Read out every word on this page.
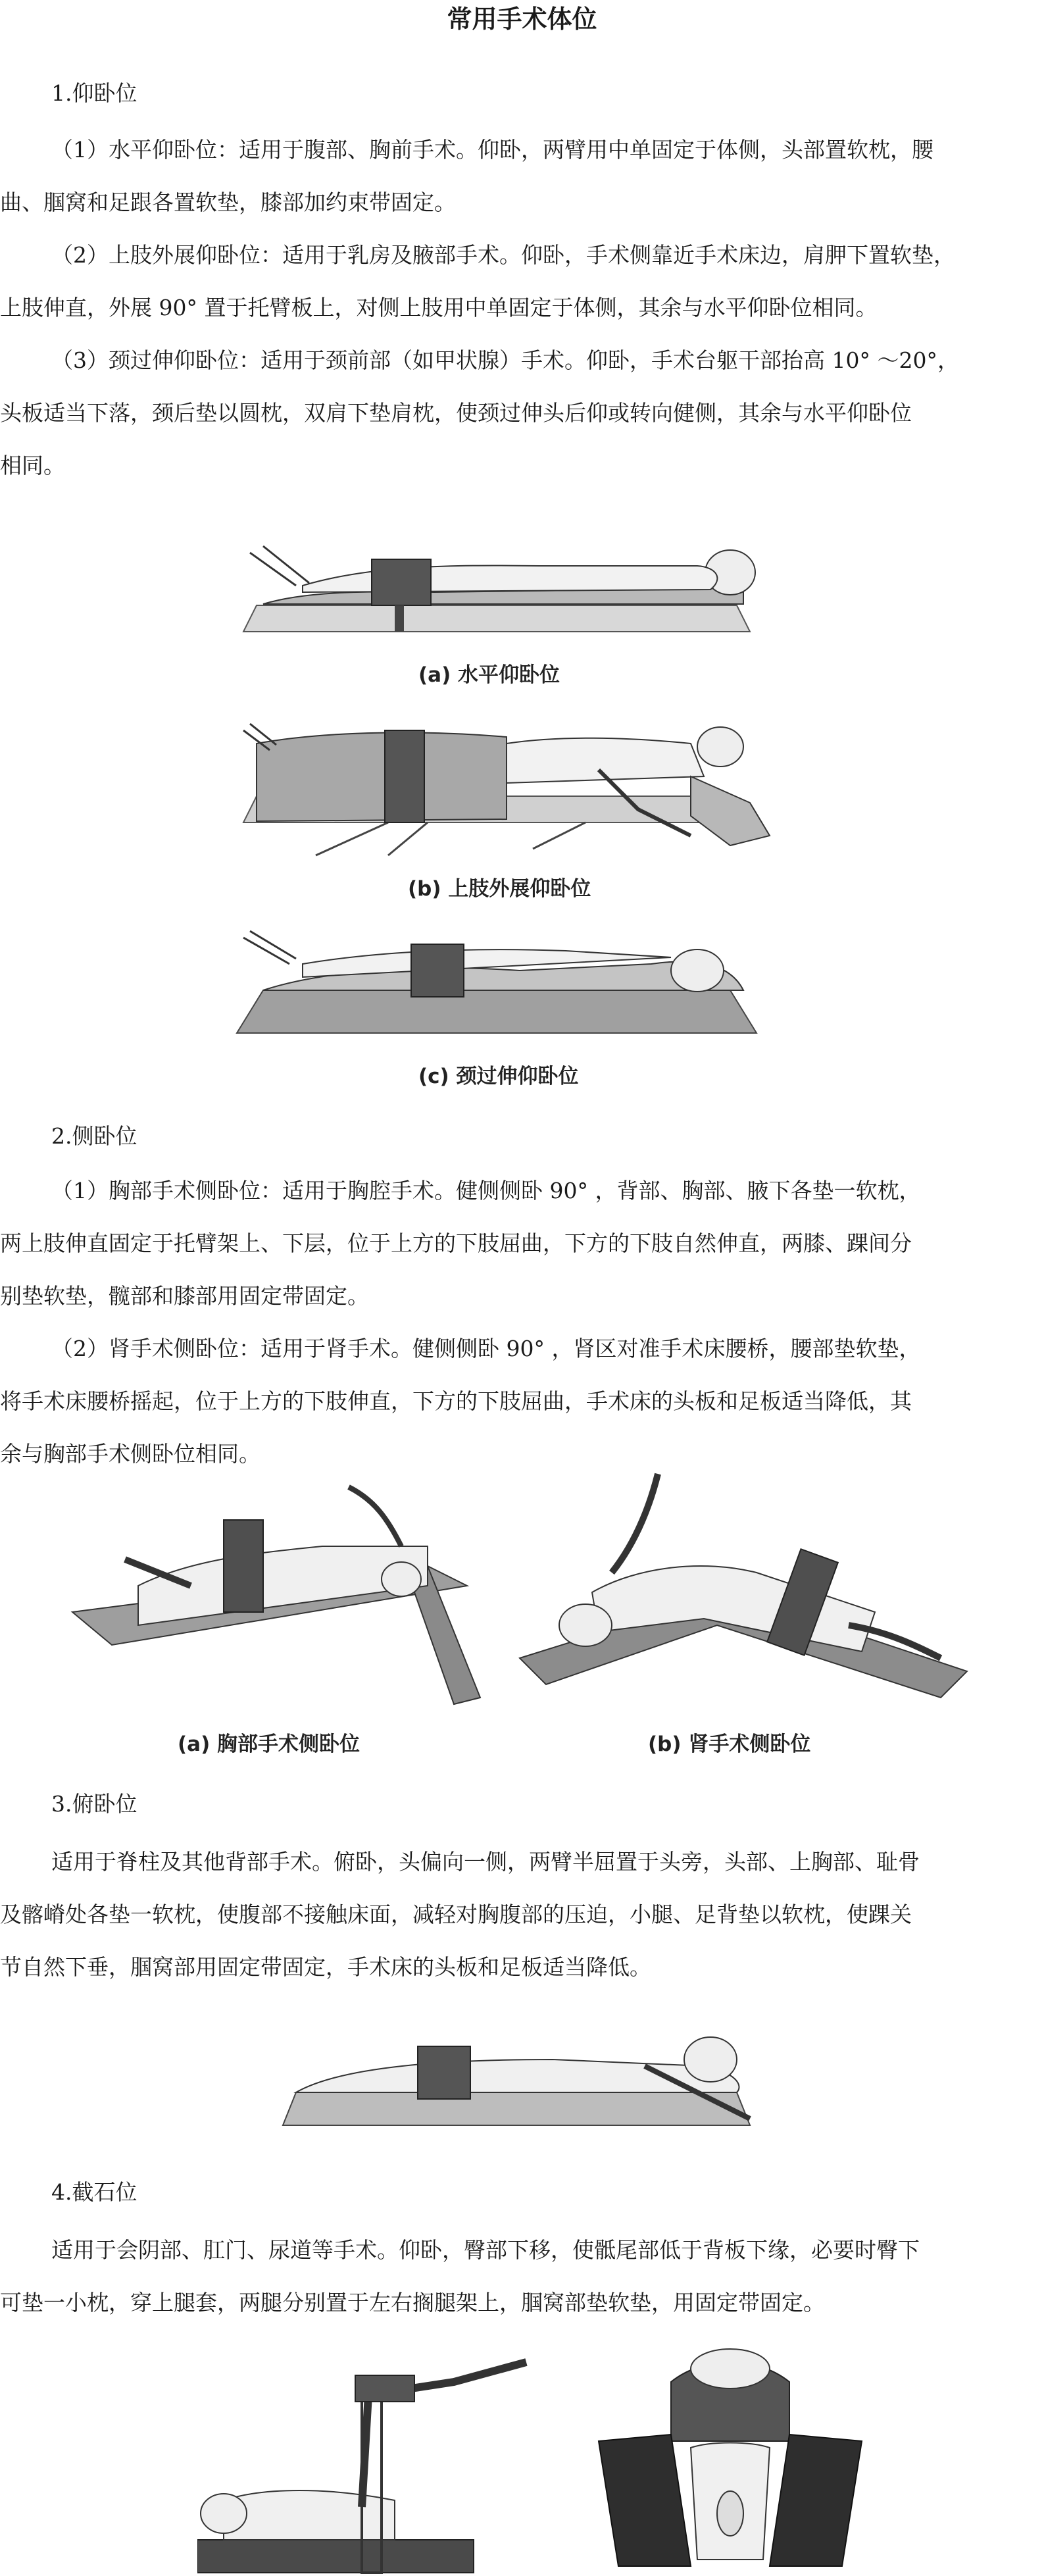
常用手术体位
1.仰卧位
（1）水平仰卧位：适用于腹部、胸前手术。仰卧，两臂用中单固定于体侧，头部置软枕，腰
曲、腘窝和足跟各置软垫，膝部加约束带固定。
（2）上肢外展仰卧位：适用于乳房及腋部手术。仰卧，手术侧靠近手术床边，肩胛下置软垫，
上肢伸直，外展 90° 置于托臂板上，对侧上肢用中单固定于体侧，其余与水平仰卧位相同。
（3）颈过伸仰卧位：适用于颈前部（如甲状腺）手术。仰卧，手术台躯干部抬高 10° ～20°，
头板适当下落，颈后垫以圆枕，双肩下垫肩枕，使颈过伸头后仰或转向健侧，其余与水平仰卧位
相同。
(a) 水平仰卧位
(b) 上肢外展仰卧位
(c) 颈过伸仰卧位
2.侧卧位
（1）胸部手术侧卧位：适用于胸腔手术。健侧侧卧 90° ，背部、胸部、腋下各垫一软枕，
两上肢伸直固定于托臂架上、下层，位于上方的下肢屈曲，下方的下肢自然伸直，两膝、踝间分
别垫软垫，髋部和膝部用固定带固定。
（2）肾手术侧卧位：适用于肾手术。健侧侧卧 90° ，肾区对准手术床腰桥，腰部垫软垫，
将手术床腰桥摇起，位于上方的下肢伸直，下方的下肢屈曲，手术床的头板和足板适当降低，其
余与胸部手术侧卧位相同。
(a) 胸部手术侧卧位	(b) 肾手术侧卧位
3.俯卧位
适用于脊柱及其他背部手术。俯卧，头偏向一侧，两臂半屈置于头旁，头部、上胸部、耻骨
及髂嵴处各垫一软枕，使腹部不接触床面，减轻对胸腹部的压迫，小腿、足背垫以软枕，使踝关
节自然下垂，腘窝部用固定带固定，手术床的头板和足板适当降低。
4.截石位
适用于会阴部、肛门、尿道等手术。仰卧，臀部下移，使骶尾部低于背板下缘，必要时臀下
可垫一小枕，穿上腿套，两腿分别置于左右搁腿架上，腘窝部垫软垫，用固定带固定。
